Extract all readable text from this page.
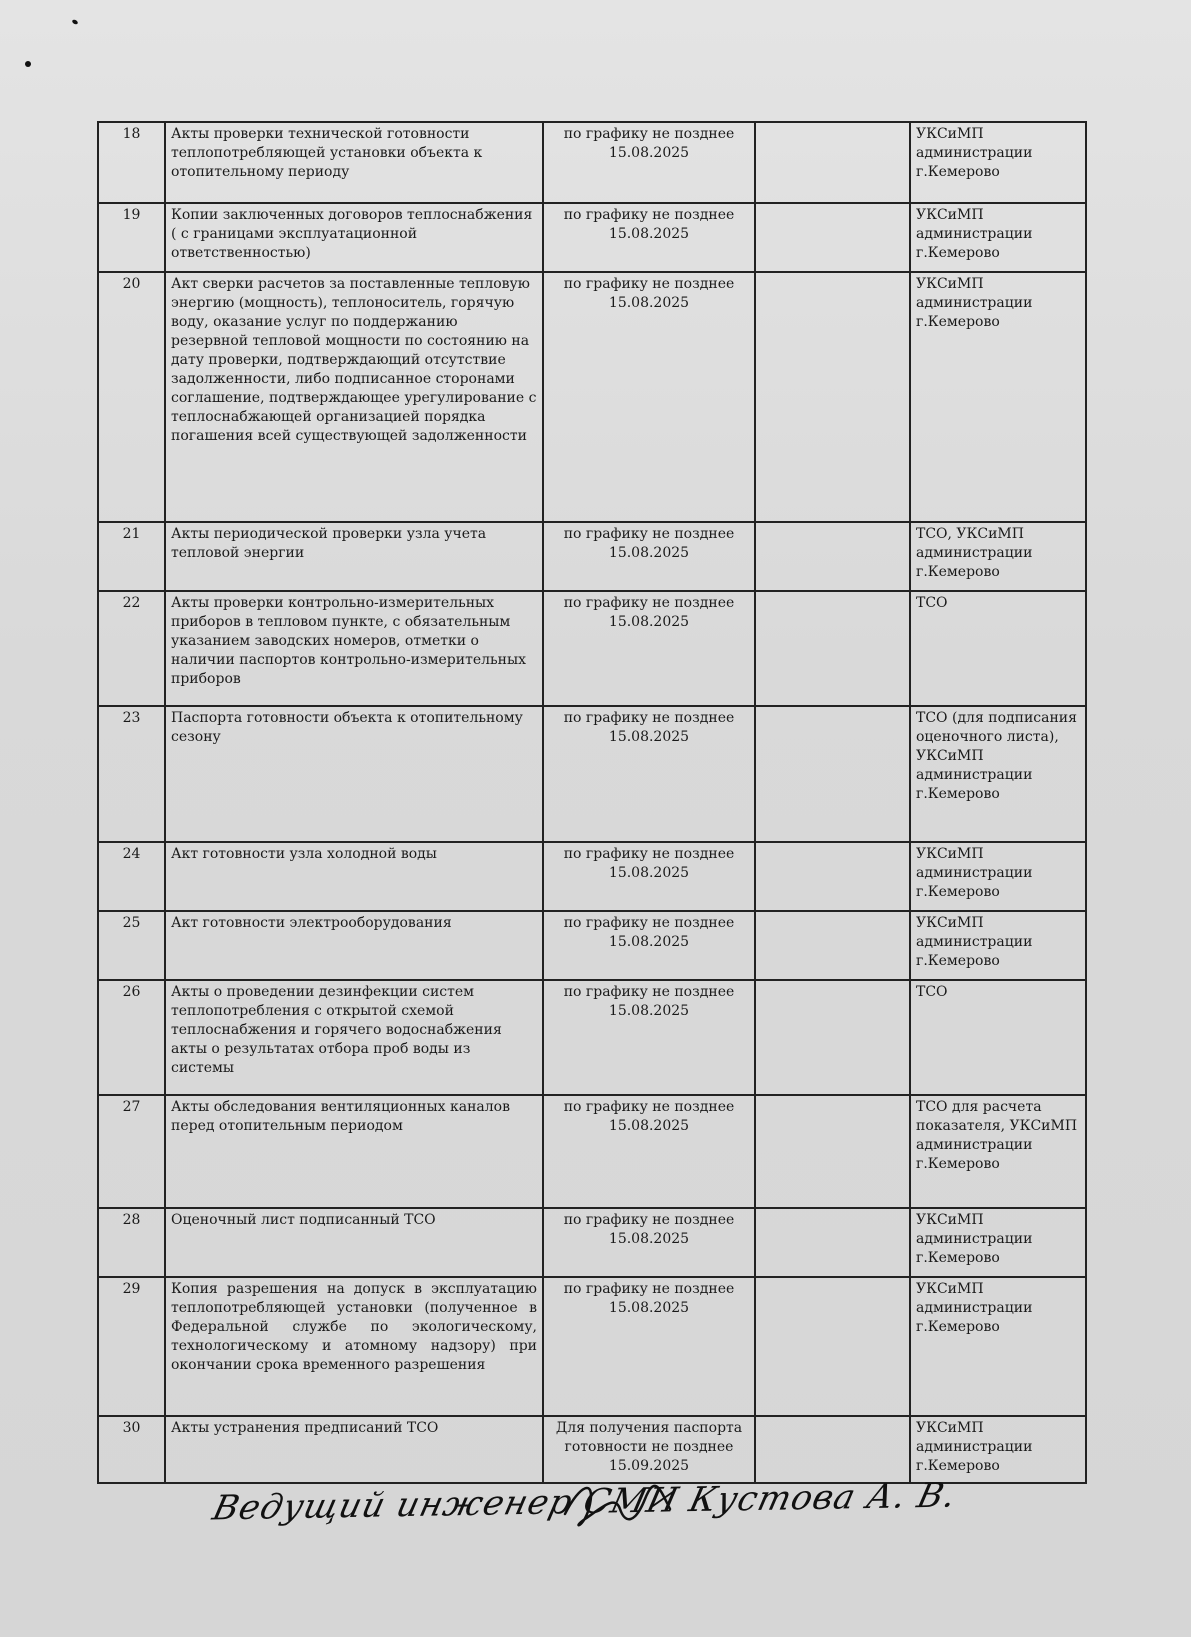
18	Акты проверки технической готовности теплопотребляющей установки объекта к отопительному периоду	по графику не позднее 15.08.2025		УКСиМП администрации г.Кемерово
19	Копии заключенных договоров теплоснабжения ( с границами эксплуатационной ответственностью)	по графику не позднее 15.08.2025		УКСиМП администрации г.Кемерово
20	Акт сверки расчетов за поставленные тепловую энергию (мощность), теплоноситель, горячую воду, оказание услуг по поддержанию резервной тепловой мощности по состоянию на дату проверки, подтверждающий отсутствие задолженности, либо подписанное сторонами соглашение, подтверждающее урегулирование с теплоснабжающей организацией порядка погашения всей существующей задолженности	по графику не позднее 15.08.2025		УКСиМП администрации г.Кемерово
21	Акты периодической проверки узла учета тепловой энергии	по графику не позднее 15.08.2025		ТСО, УКСиМП администрации г.Кемерово
22	Акты проверки контрольно-измерительных приборов в тепловом пункте, с обязательным указанием заводских номеров, отметки о наличии паспортов контрольно-измерительных приборов	по графику не позднее 15.08.2025		ТСО
23	Паспорта готовности объекта к отопительному сезону	по графику не позднее 15.08.2025		ТСО (для подписания оценочного листа), УКСиМП администрации г.Кемерово
24	Акт готовности узла холодной воды	по графику не позднее 15.08.2025		УКСиМП администрации г.Кемерово
25	Акт готовности электрооборудования	по графику не позднее 15.08.2025		УКСиМП администрации г.Кемерово
26	Акты о проведении дезинфекции систем теплопотребления с открытой схемой теплоснабжения и горячего водоснабжения акты о результатах отбора проб воды из системы	по графику не позднее 15.08.2025		ТСО
27	Акты обследования вентиляционных каналов перед отопительным периодом	по графику не позднее 15.08.2025		ТСО для расчета показателя, УКСиМП администрации г.Кемерово
28	Оценочный лист подписанный ТСО	по графику не позднее 15.08.2025		УКСиМП администрации г.Кемерово
29	Копия разрешения на допуск в эксплуатацию теплопотребляющей установки (полученное в Федеральной службе по экологическому, технологическому и атомному надзору) при окончании срока временного разрешения	по графику не позднее 15.08.2025		УКСиМП администрации г.Кемерово
30	Акты устранения предписаний ТСО	Для получения паспорта готовности не позднее 15.09.2025		УКСиМП администрации г.Кемерово
Ведущий инженер СМИ Кустова А. В.
